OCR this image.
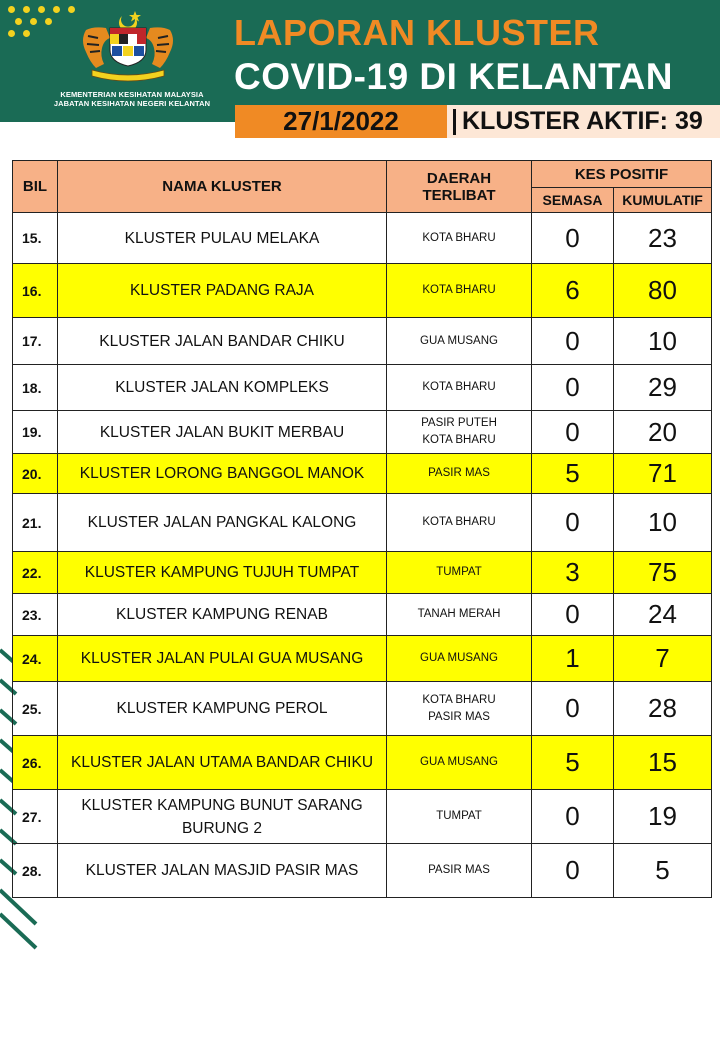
KEMENTERIAN KESIHATAN MALAYSIA
JABATAN KESIHATAN NEGERI KELANTAN
LAPORAN KLUSTER
COVID-19 DI KELANTAN
27/1/2022	KLUSTER AKTIF: 39
BIL	NAMA KLUSTER	DAERAH
TERLIBAT	KES POSITIF	
			SEMASA	KUMULATIF
15.	KLUSTER PULAU MELAKA	KOTA BHARU	0	23
16.	KLUSTER PADANG RAJA	KOTA BHARU	6	80
17.	KLUSTER JALAN BANDAR CHIKU	GUA MUSANG	0	10
18.	KLUSTER JALAN KOMPLEKS	KOTA BHARU	0	29
19.	KLUSTER JALAN BUKIT MERBAU	PASIR PUTEH
KOTA BHARU	0	20
20.	KLUSTER LORONG BANGGOL MANOK	PASIR MAS	5	71
21.	KLUSTER JALAN PANGKAL KALONG	KOTA BHARU	0	10
22.	KLUSTER KAMPUNG TUJUH TUMPAT	TUMPAT	3	75
23.	KLUSTER KAMPUNG RENAB	TANAH MERAH	0	24
24.	KLUSTER JALAN PULAI GUA MUSANG	GUA MUSANG	1	7
25.	KLUSTER KAMPUNG PEROL	KOTA BHARU
PASIR MAS	0	28
26.	KLUSTER JALAN UTAMA BANDAR CHIKU	GUA MUSANG	5	15
27.	KLUSTER KAMPUNG BUNUT SARANG
BURUNG 2	TUMPAT	0	19
28.	KLUSTER JALAN MASJID PASIR MAS	PASIR MAS	0	5
